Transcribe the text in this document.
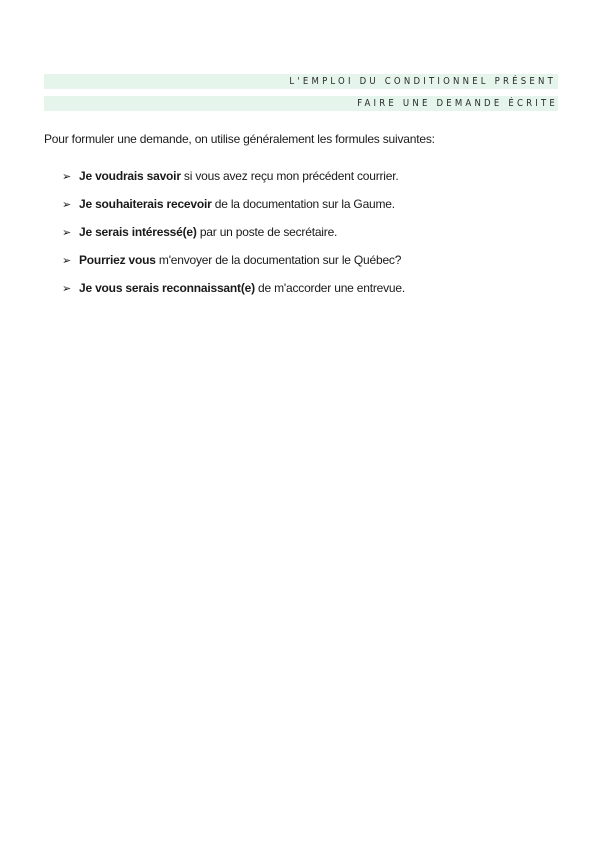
L'EMPLOI DU CONDITIONNEL PRÉSENT
FAIRE UNE DEMANDE ÉCRITE
Pour formuler une demande, on utilise généralement les formules suivantes:
➢ Je voudrais savoir si vous avez reçu mon précédent courrier.
➢ Je souhaiterais recevoir de la documentation sur la Gaume.
➢ Je serais intéressé(e) par un poste de secrétaire.
➢ Pourriez vous m'envoyer de la documentation sur le Québec?
➢ Je vous serais reconnaissant(e) de m'accorder une entrevue.
